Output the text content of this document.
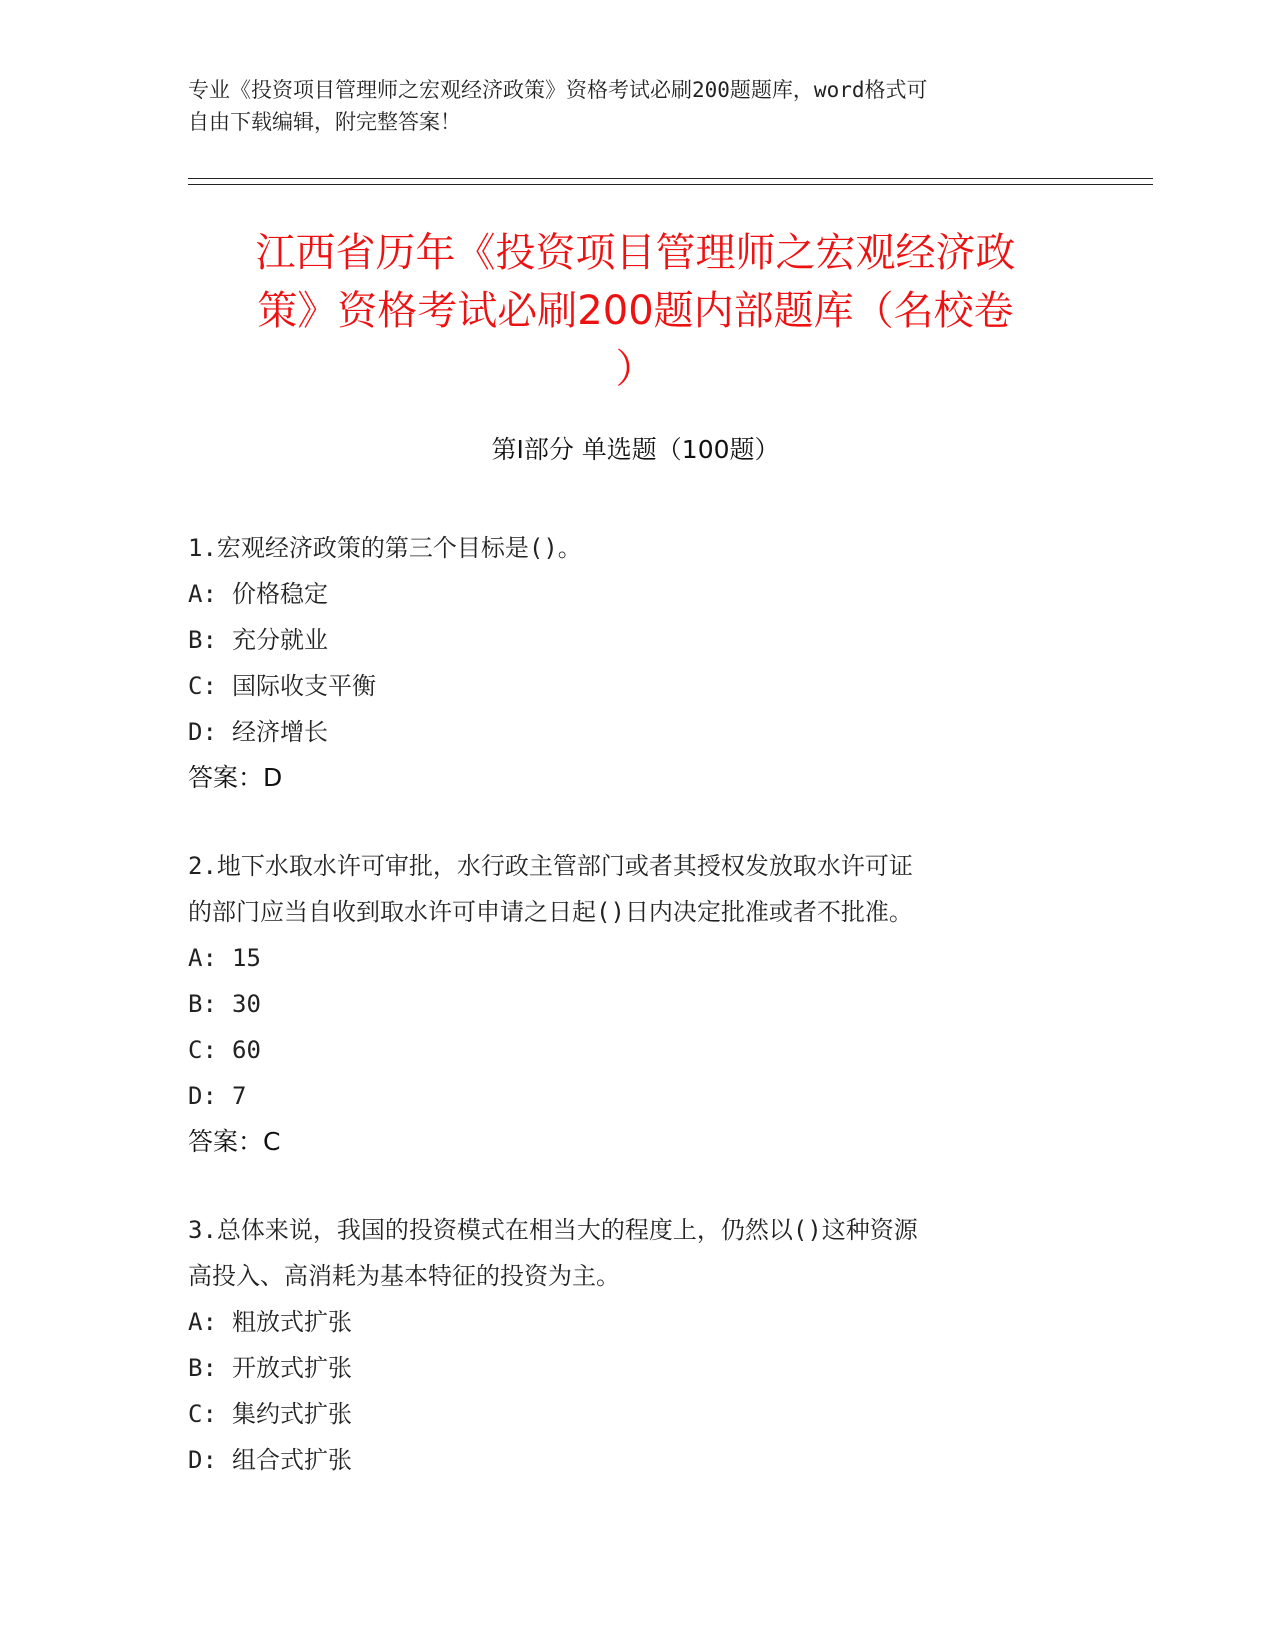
专业《投资项目管理师之宏观经济政策》资格考试必刷200题题库，word格式可
自由下载编辑，附完整答案！
江西省历年《投资项目管理师之宏观经济政
策》资格考试必刷200题内部题库（名校卷
）
第Ⅰ部分 单选题（100题）
1.宏观经济政策的第三个目标是()。
A: 价格稳定
B: 充分就业
C: 国际收支平衡
D: 经济增长
答案：D
2.地下水取水许可审批，水行政主管部门或者其授权发放取水许可证
的部门应当自收到取水许可申请之日起()日内决定批准或者不批准。
A: 15
B: 30
C: 60
D: 7
答案：C
3.总体来说，我国的投资模式在相当大的程度上，仍然以()这种资源
高投入、高消耗为基本特征的投资为主。
A: 粗放式扩张
B: 开放式扩张
C: 集约式扩张
D: 组合式扩张
